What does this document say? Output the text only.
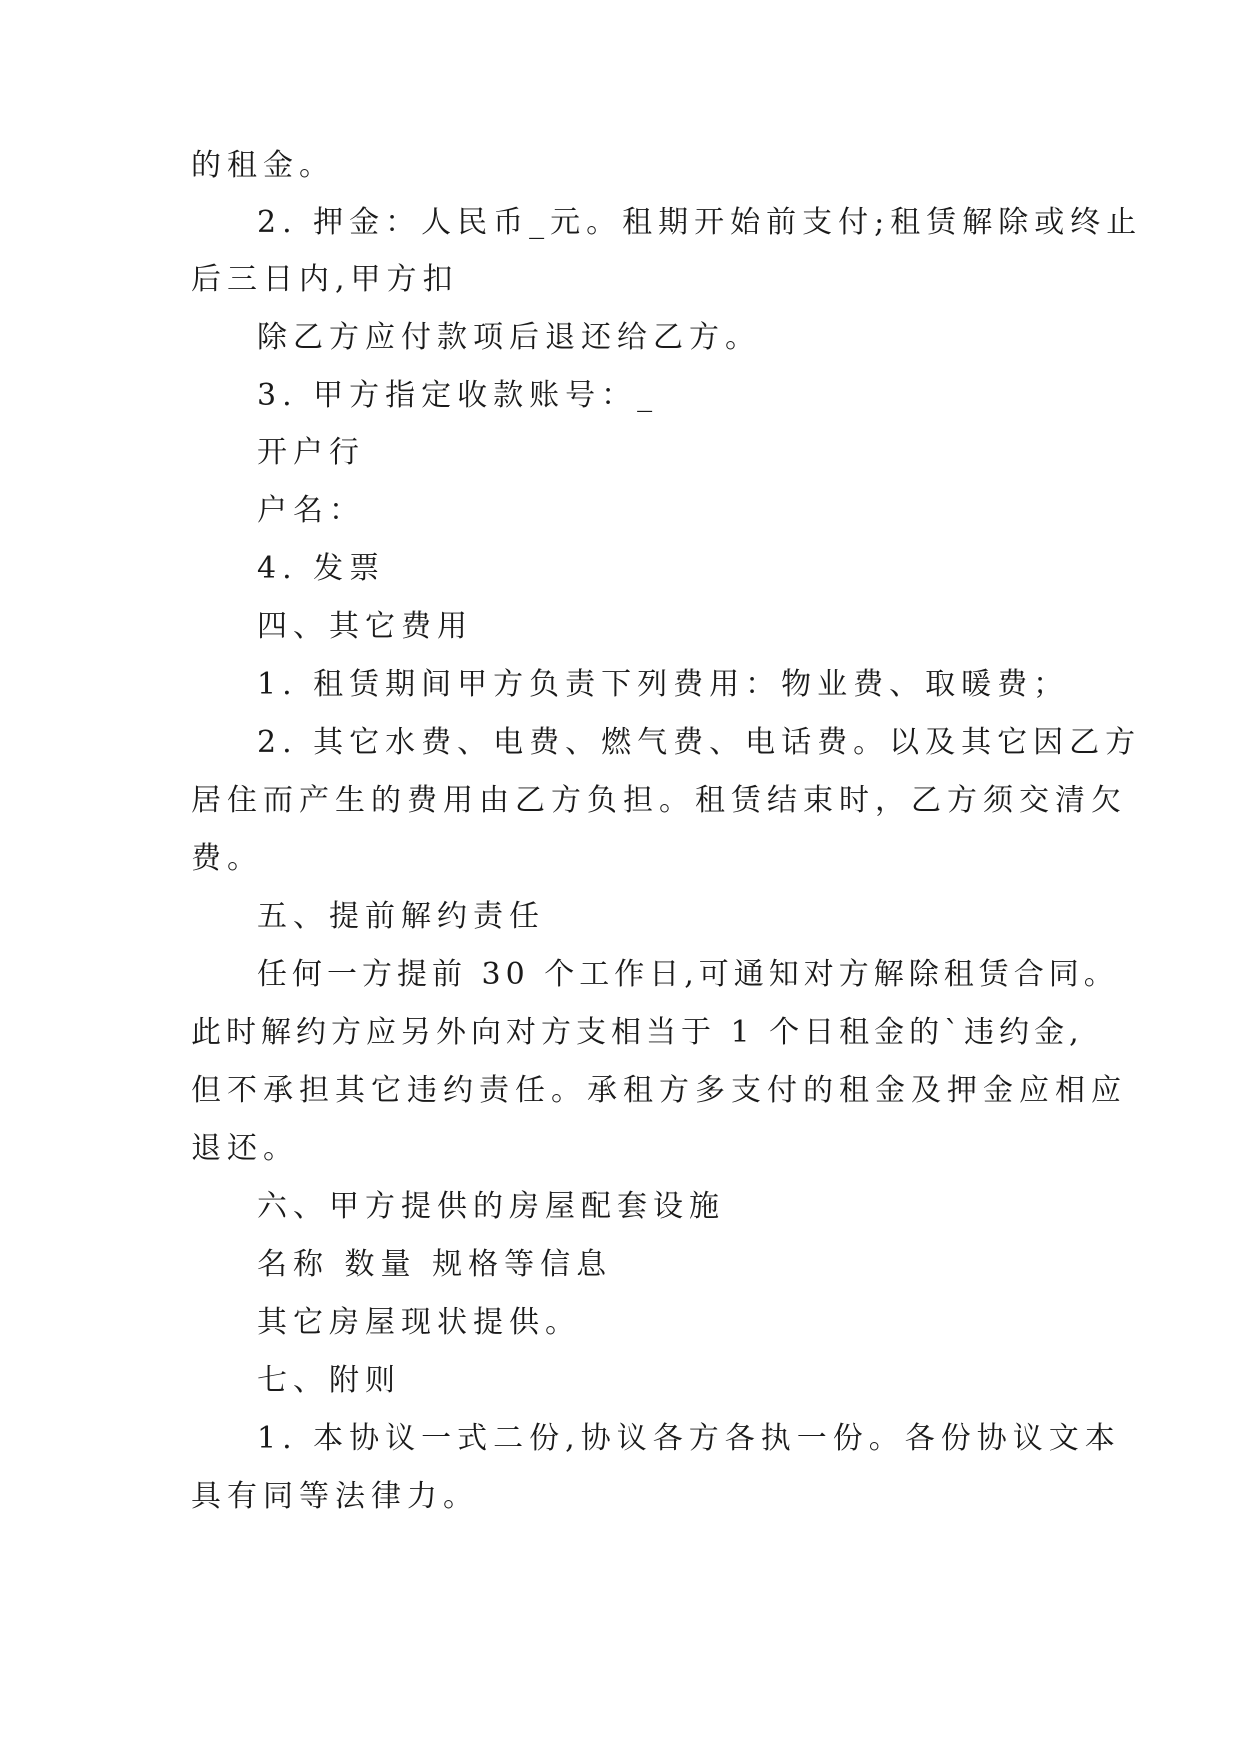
的租金。
2. 押金：人民币_元。租期开始前支付;租赁解除或终止
后三日内,甲方扣
除乙方应付款项后退还给乙方。
3. 甲方指定收款账号：_
开户行
户名：
4. 发票
四、其它费用
1. 租赁期间甲方负责下列费用：物业费、取暖费；
2. 其它水费、电费、燃气费、电话费。以及其它因乙方
居住而产生的费用由乙方负担。租赁结束时，乙方须交清欠
费。
五、提前解约责任
任何一方提前 30 个工作日,可通知对方解除租赁合同。
此时解约方应另外向对方支相当于 1 个日租金的`违约金,
但不承担其它违约责任。承租方多支付的租金及押金应相应
退还。
六、甲方提供的房屋配套设施
名称 数量 规格等信息
其它房屋现状提供。
七、附则
1. 本协议一式二份,协议各方各执一份。各份协议文本
具有同等法律力。
